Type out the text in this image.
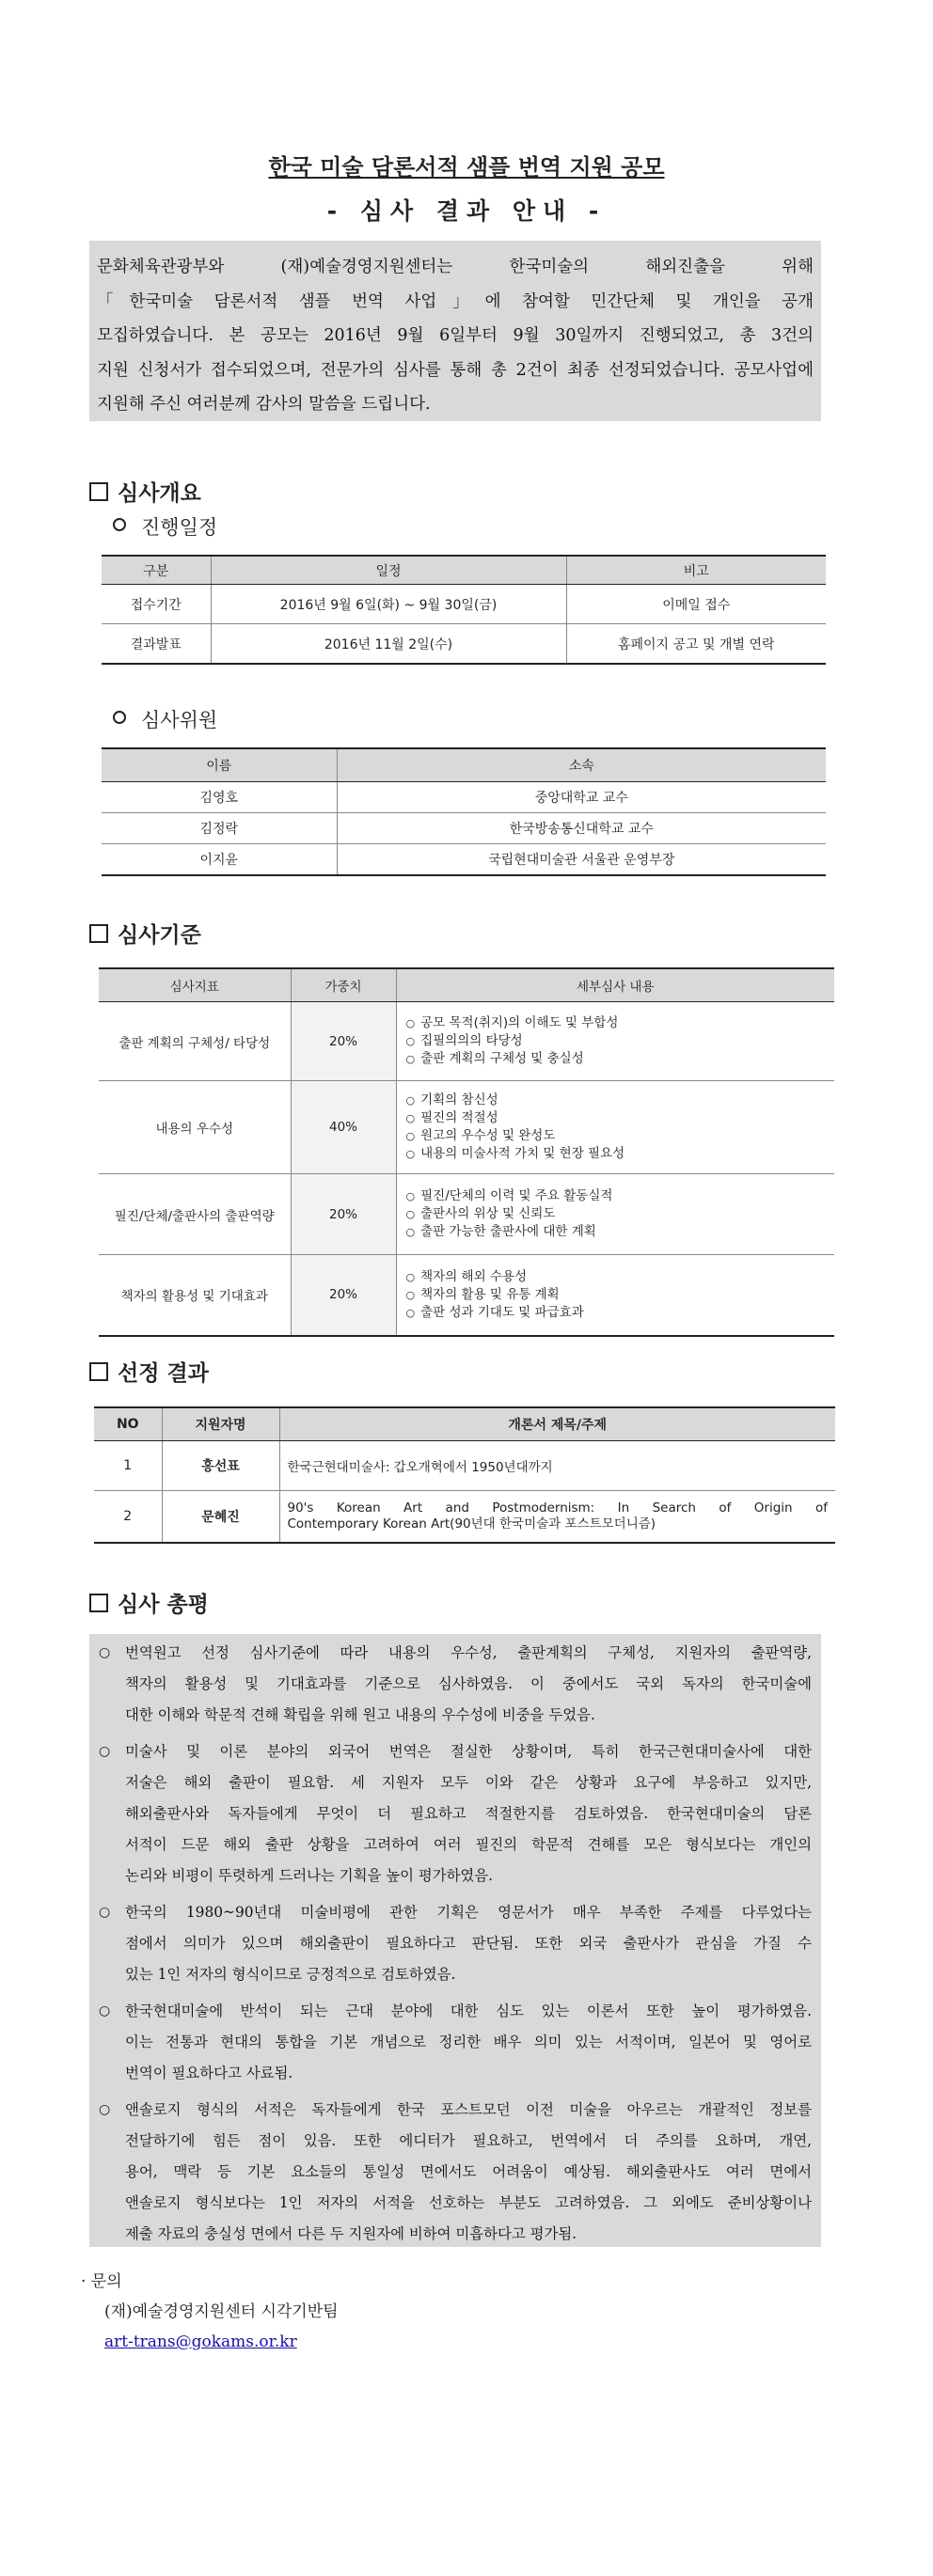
한국 미술 담론서적 샘플 번역 지원 공모
- 심사 결과 안내 -
문화체육관광부와 (재)예술경영지원센터는 한국미술의 해외진출을 위해
「한국미술 담론서적 샘플 번역 사업」에 참여할 민간단체 및 개인을 공개
모집하였습니다. 본 공모는 2016년 9월 6일부터 9월 30일까지 진행되었고, 총 3건의
지원 신청서가 접수되었으며, 전문가의 심사를 통해 총 2건이 최종 선정되었습니다. 공모사업에
지원해 주신 여러분께 감사의 말씀을 드립니다.
심사개요
진행일정
구분	일정	비고
접수기간	2016년 9월 6일(화) ~ 9월 30일(금)	이메일 접수
결과발표	2016년 11월 2일(수)	홈페이지 공고 및 개별 연락
심사위원
이름	소속
김영호	중앙대학교 교수
김정락	한국방송통신대학교 교수
이지윤	국립현대미술관 서울관 운영부장
심사기준
심사지표	가중치	세부심사 내용
출판 계획의 구체성/ 타당성	20%	○ 공모 목적(취지)의 이해도 및 부합성
○ 집필의의의 타당성
○ 출판 계획의 구체성 및 충실성

내용의 우수성	40%	○ 기획의 참신성
○ 필진의 적절성
○ 원고의 우수성 및 완성도
○ 내용의 미술사적 가치 및 현장 필요성

필진/단체/출판사의 출판역량	20%	○ 필진/단체의 이력 및 주요 활동실적
○ 출판사의 위상 및 신뢰도
○ 출판 가능한 출판사에 대한 계획

책자의 활용성 및 기대효과	20%	○ 책자의 해외 수용성
○ 책자의 활용 및 유통 계획
○ 출판 성과 기대도 및 파급효과
선정 결과
NO	지원자명	개론서 제목/주제
1	홍선표	한국근현대미술사: 갑오개혁에서 1950년대까지
2	문혜진	90's Korean Art and Postmodernism: In Search of Origin of
Contemporary Korean Art(90년대 한국미술과 포스트모더니즘)
심사 총평
○ 번역원고 선정 심사기준에 따라 내용의 우수성, 출판계획의 구체성, 지원자의 출판역량,
책자의 활용성 및 기대효과를 기준으로 심사하였음. 이 중에서도 국외 독자의 한국미술에
대한 이해와 학문적 견해 확립을 위해 원고 내용의 우수성에 비중을 두었음.
○ 미술사 및 이론 분야의 외국어 번역은 절실한 상황이며, 특히 한국근현대미술사에 대한
저술은 해외 출판이 필요함. 세 지원자 모두 이와 같은 상황과 요구에 부응하고 있지만,
해외출판사와 독자들에게 무엇이 더 필요하고 적절한지를 검토하였음. 한국현대미술의 담론
서적이 드문 해외 출판 상황을 고려하여 여러 필진의 학문적 견해를 모은 형식보다는 개인의
논리와 비평이 뚜렷하게 드러나는 기획을 높이 평가하였음.
○ 한국의 1980~90년대 미술비평에 관한 기획은 영문서가 매우 부족한 주제를 다루었다는
점에서 의미가 있으며 해외출판이 필요하다고 판단됨. 또한 외국 출판사가 관심을 가질 수
있는 1인 저자의 형식이므로 긍정적으로 검토하였음.
○ 한국현대미술에 반석이 되는 근대 분야에 대한 심도 있는 이론서 또한 높이 평가하였음.
이는 전통과 현대의 통합을 기본 개념으로 정리한 배우 의미 있는 서적이며, 일본어 및 영어로
번역이 필요하다고 사료됨.
○ 앤솔로지 형식의 서적은 독자들에게 한국 포스트모던 이전 미술을 아우르는 개괄적인 정보를
전달하기에 힘든 점이 있음. 또한 에디터가 필요하고, 번역에서 더 주의를 요하며, 개연,
용어, 맥락 등 기본 요소들의 통일성 면에서도 어려움이 예상됨. 해외출판사도 여러 면에서
앤솔로지 형식보다는 1인 저자의 서적을 선호하는 부분도 고려하였음. 그 외에도 준비상황이나
제출 자료의 충실성 면에서 다른 두 지원자에 비하여 미흡하다고 평가됨.
· 문의
(재)예술경영지원센터 시각기반팀
art-trans@gokams.or.kr
